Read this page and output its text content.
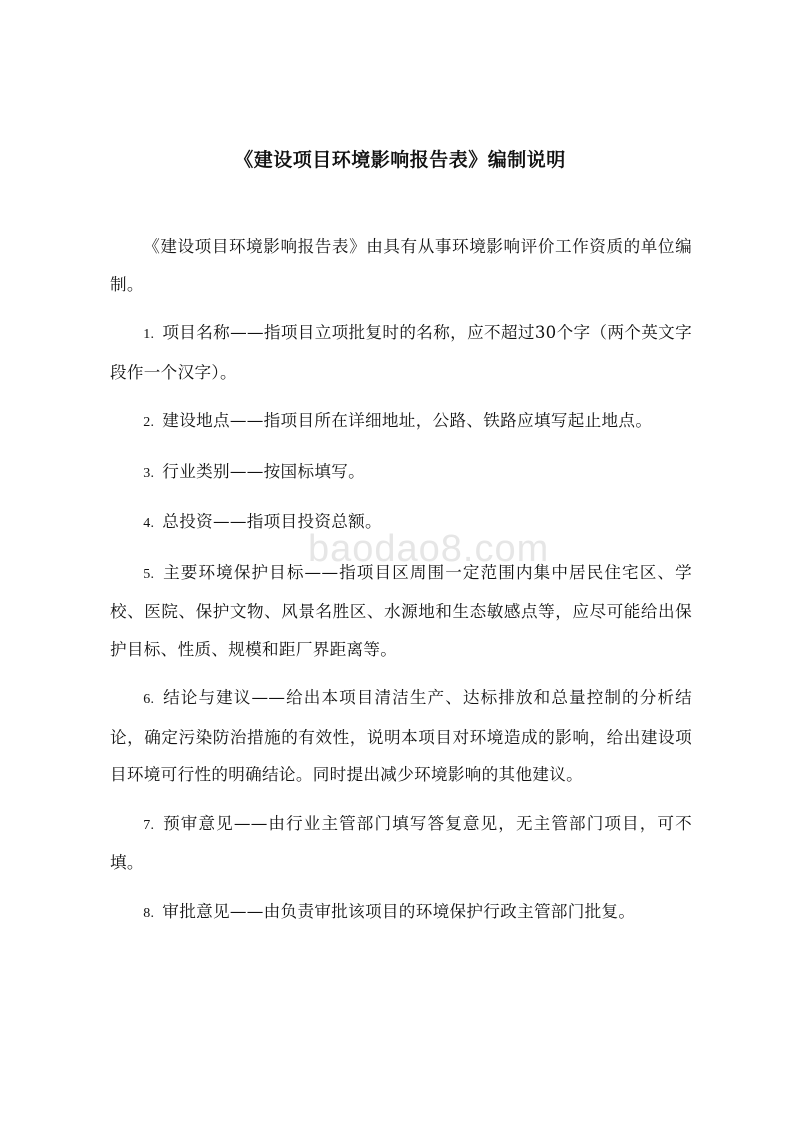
《建设项目环境影响报告表》编制说明

《建设项目环境影响报告表》由具有从事环境影响评价工作资质的单位编制。

1. 项目名称——指项目立项批复时的名称，应不超过30个字（两个英文字段作一个汉字）。

2. 建设地点——指项目所在详细地址，公路、铁路应填写起止地点。

3. 行业类别——按国标填写。

4. 总投资——指项目投资总额。

5. 主要环境保护目标——指项目区周围一定范围内集中居民住宅区、学校、医院、保护文物、风景名胜区、水源地和生态敏感点等，应尽可能给出保护目标、性质、规模和距厂界距离等。

6. 结论与建议——给出本项目清洁生产、达标排放和总量控制的分析结论，确定污染防治措施的有效性，说明本项目对环境造成的影响，给出建设项目环境可行性的明确结论。同时提出减少环境影响的其他建议。

7. 预审意见——由行业主管部门填写答复意见，无主管部门项目，可不填。

8. 审批意见——由负责审批该项目的环境保护行政主管部门批复。

baodao8.com
